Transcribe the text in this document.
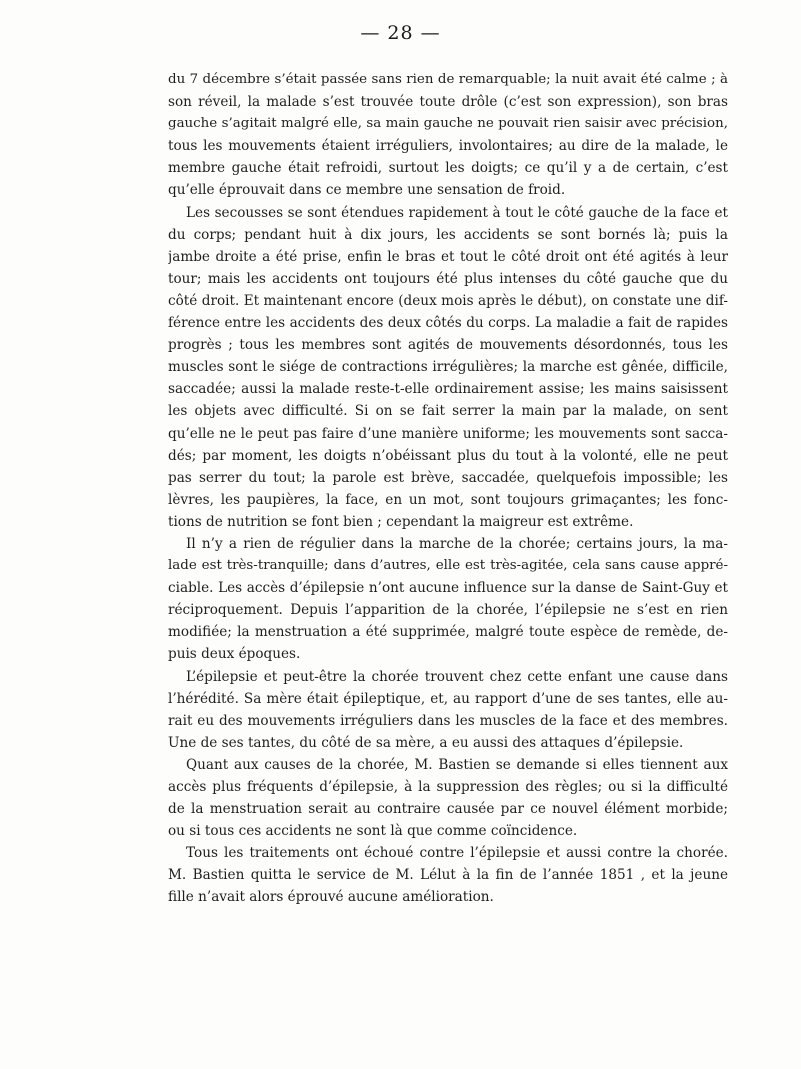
— 28 —
du 7 décembre s’était passée sans rien de remarquable; la nuit avait été calme ; à
son réveil, la malade s’est trouvée toute drôle (c’est son expression), son bras
gauche s’agitait malgré elle, sa main gauche ne pouvait rien saisir avec précision,
tous les mouvements étaient irréguliers, involontaires; au dire de la malade, le
membre gauche était refroidi, surtout les doigts; ce qu’il y a de certain, c’est
qu’elle éprouvait dans ce membre une sensation de froid.
Les secousses se sont étendues rapidement à tout le côté gauche de la face et
du corps; pendant huit à dix jours, les accidents se sont bornés là; puis la
jambe droite a été prise, enfin le bras et tout le côté droit ont été agités à leur
tour; mais les accidents ont toujours été plus intenses du côté gauche que du
côté droit. Et maintenant encore (deux mois après le début), on constate une dif-
férence entre les accidents des deux côtés du corps. La maladie a fait de rapides
progrès ; tous les membres sont agités de mouvements désordonnés, tous les
muscles sont le siége de contractions irrégulières; la marche est gênée, difficile,
saccadée; aussi la malade reste-t-elle ordinairement assise; les mains saisissent
les objets avec difficulté. Si on se fait serrer la main par la malade, on sent
qu’elle ne le peut pas faire d’une manière uniforme; les mouvements sont sacca-
dés; par moment, les doigts n’obéissant plus du tout à la volonté, elle ne peut
pas serrer du tout; la parole est brève, saccadée, quelquefois impossible; les
lèvres, les paupières, la face, en un mot, sont toujours grimaçantes; les fonc-
tions de nutrition se font bien ; cependant la maigreur est extrême.
Il n’y a rien de régulier dans la marche de la chorée; certains jours, la ma-
lade est très-tranquille; dans d’autres, elle est très-agitée, cela sans cause appré-
ciable. Les accès d’épilepsie n’ont aucune influence sur la danse de Saint-Guy et
réciproquement. Depuis l’apparition de la chorée, l’épilepsie ne s’est en rien
modifiée; la menstruation a été supprimée, malgré toute espèce de remède, de-
puis deux époques.
L’épilepsie et peut-être la chorée trouvent chez cette enfant une cause dans
l’hérédité. Sa mère était épileptique, et, au rapport d’une de ses tantes, elle au-
rait eu des mouvements irréguliers dans les muscles de la face et des membres.
Une de ses tantes, du côté de sa mère, a eu aussi des attaques d’épilepsie.
Quant aux causes de la chorée, M. Bastien se demande si elles tiennent aux
accès plus fréquents d’épilepsie, à la suppression des règles; ou si la difficulté
de la menstruation serait au contraire causée par ce nouvel élément morbide;
ou si tous ces accidents ne sont là que comme coïncidence.
Tous les traitements ont échoué contre l’épilepsie et aussi contre la chorée.
M. Bastien quitta le service de M. Lélut à la fin de l’année 1851 , et la jeune
fille n’avait alors éprouvé aucune amélioration.
